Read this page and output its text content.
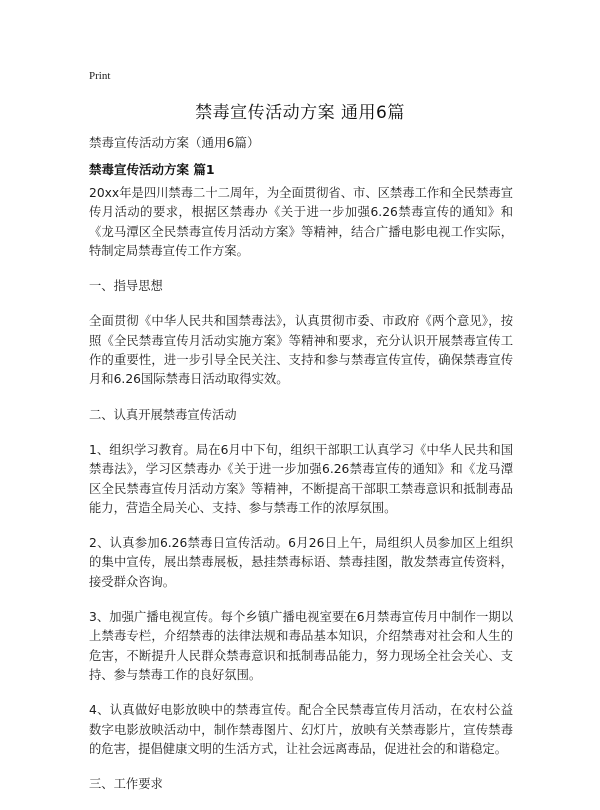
Print
禁毒宣传活动方案 通用6篇

禁毒宣传活动方案（通用6篇）

禁毒宣传活动方案 篇1

20xx年是四川禁毒二十二周年，为全面贯彻省、市、区禁毒工作和全民禁毒宣传月活动的要求，根据区禁毒办《关于进一步加强6.26禁毒宣传的通知》和《龙马潭区全民禁毒宣传月活动方案》等精神，结合广播电影电视工作实际，特制定局禁毒宣传工作方案。

一、指导思想

全面贯彻《中华人民共和国禁毒法》，认真贯彻市委、市政府《两个意见》，按照《全民禁毒宣传月活动实施方案》等精神和要求，充分认识开展禁毒宣传工作的重要性，进一步引导全民关注、支持和参与禁毒宣传宣传，确保禁毒宣传月和6.26国际禁毒日活动取得实效。

二、认真开展禁毒宣传活动

1、组织学习教育。局在6月中下旬，组织干部职工认真学习《中华人民共和国禁毒法》，学习区禁毒办《关于进一步加强6.26禁毒宣传的通知》和《龙马潭区全民禁毒宣传月活动方案》等精神，不断提高干部职工禁毒意识和抵制毒品能力，营造全局关心、支持、参与禁毒工作的浓厚氛围。

2、认真参加6.26禁毒日宣传活动。6月26日上午，局组织人员参加区上组织的集中宣传，展出禁毒展板，悬挂禁毒标语、禁毒挂图，散发禁毒宣传资料，接受群众咨询。

3、加强广播电视宣传。每个乡镇广播电视室要在6月禁毒宣传月中制作一期以上禁毒专栏，介绍禁毒的法律法规和毒品基本知识，介绍禁毒对社会和人生的危害，不断提升人民群众禁毒意识和抵制毒品能力，努力现场全社会关心、支持、参与禁毒工作的良好氛围。

4、认真做好电影放映中的禁毒宣传。配合全民禁毒宣传月活动，在农村公益数字电影放映活动中，制作禁毒图片、幻灯片，放映有关禁毒影片，宣传禁毒的危害，提倡健康文明的生活方式，让社会远离毒品，促进社会的和谐稳定。

三、工作要求
